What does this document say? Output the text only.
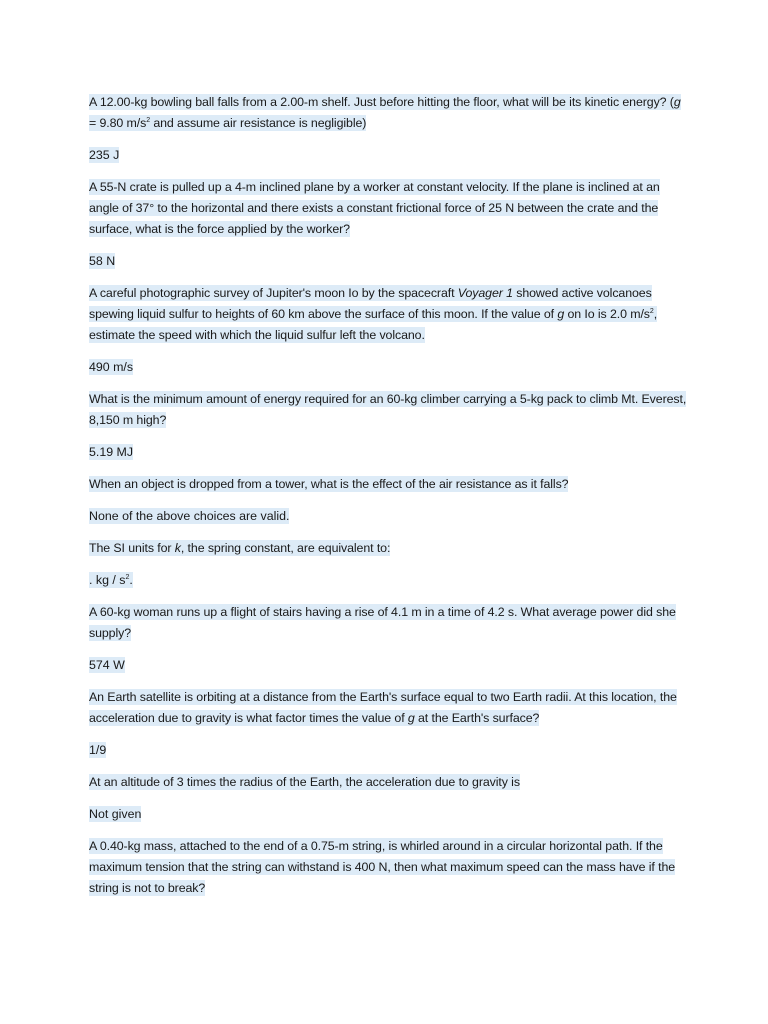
A 12.00-kg bowling ball falls from a 2.00-m shelf. Just before hitting the floor, what will be its kinetic energy? (g = 9.80 $m/s^2$ and assume air resistance is negligible)

235 J

A 55-N crate is pulled up a 4-m inclined plane by a worker at constant velocity. If the plane is inclined at an angle of 37° to the horizontal and there exists a constant frictional force of 25 N between the crate and the surface, what is the force applied by the worker?

58 N

A careful photographic survey of Jupiter's moon Io by the spacecraft Voyager 1 showed active volcanoes spewing liquid sulfur to heights of 60 km above the surface of this moon. If the value of g on Io is 2.0 $m/s^2$, estimate the speed with which the liquid sulfur left the volcano.

490 m/s

What is the minimum amount of energy required for an 60-kg climber carrying a 5-kg pack to climb Mt. Everest, 8,150 m high?

5.19 MJ

When an object is dropped from a tower, what is the effect of the air resistance as it falls?

None of the above choices are valid.

The SI units for k, the spring constant, are equivalent to:

. kg / $s^2$.

A 60-kg woman runs up a flight of stairs having a rise of 4.1 m in a time of 4.2 s. What average power did she supply?

574 W

An Earth satellite is orbiting at a distance from the Earth's surface equal to two Earth radii. At this location, the acceleration due to gravity is what factor times the value of g at the Earth's surface?

1/9

At an altitude of 3 times the radius of the Earth, the acceleration due to gravity is

Not given

A 0.40-kg mass, attached to the end of a 0.75-m string, is whirled around in a circular horizontal path. If the maximum tension that the string can withstand is 400 N, then what maximum speed can the mass have if the string is not to break?
